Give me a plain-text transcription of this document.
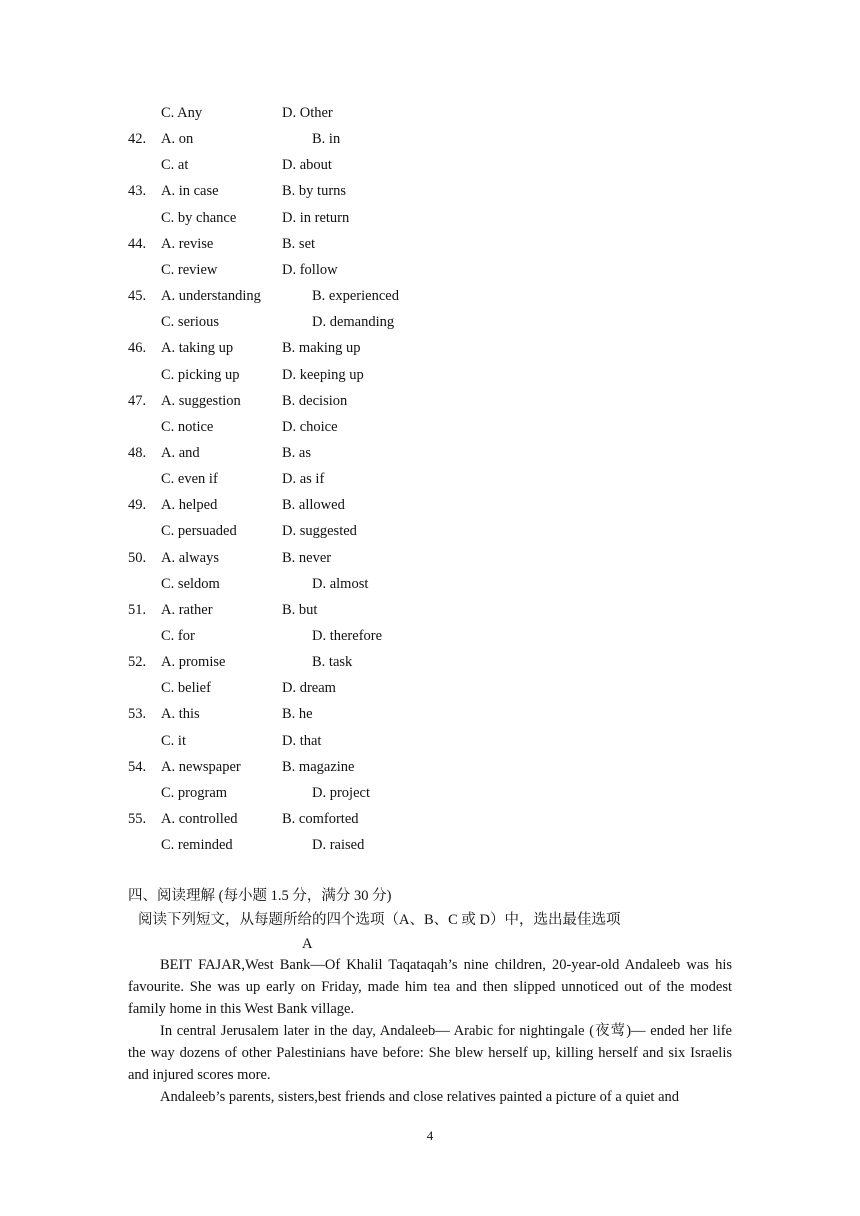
C. Any	D. Other
42. A. on	B. in
C. at	D. about
43. A. in case	B. by turns
C. by chance	D. in return
44. A. revise	B. set
C. review	D. follow
45. A. understanding	B. experienced
C. serious	D. demanding
46. A. taking up	B. making up
C. picking up	D. keeping up
47. A. suggestion	B. decision
C. notice	D. choice
48. A. and	B. as
C. even if	D. as if
49. A. helped	B. allowed
C. persuaded	D. suggested
50. A. always	B. never
C. seldom	D. almost
51. A. rather	B. but
C. for	D. therefore
52. A. promise	B. task
C. belief	D. dream
53. A. this	B. he
C. it	D. that
54. A. newspaper	B. magazine
C. program	D. project
55. A. controlled	B. comforted
C. reminded	D. raised
四、阅读理解 (每小题 1.5 分，满分 30 分)
阅读下列短文，从每题所给的四个选项（A、B、C 或 D）中，选出最佳选项
A

BEIT FAJAR,West Bank—Of Khalil Taqataqah’s nine children, 20-year-old Andaleeb was his favourite. She was up early on Friday, made him tea and then slipped unnoticed out of the modest family home in this West Bank village.

In central Jerusalem later in the day, Andaleeb— Arabic for nightingale (夜莺)— ended her life the way dozens of other Palestinians have before: She blew herself up, killing herself and six Israelis and injured scores more.

Andaleeb’s parents, sisters,best friends and close relatives painted a picture of a quiet and

4
